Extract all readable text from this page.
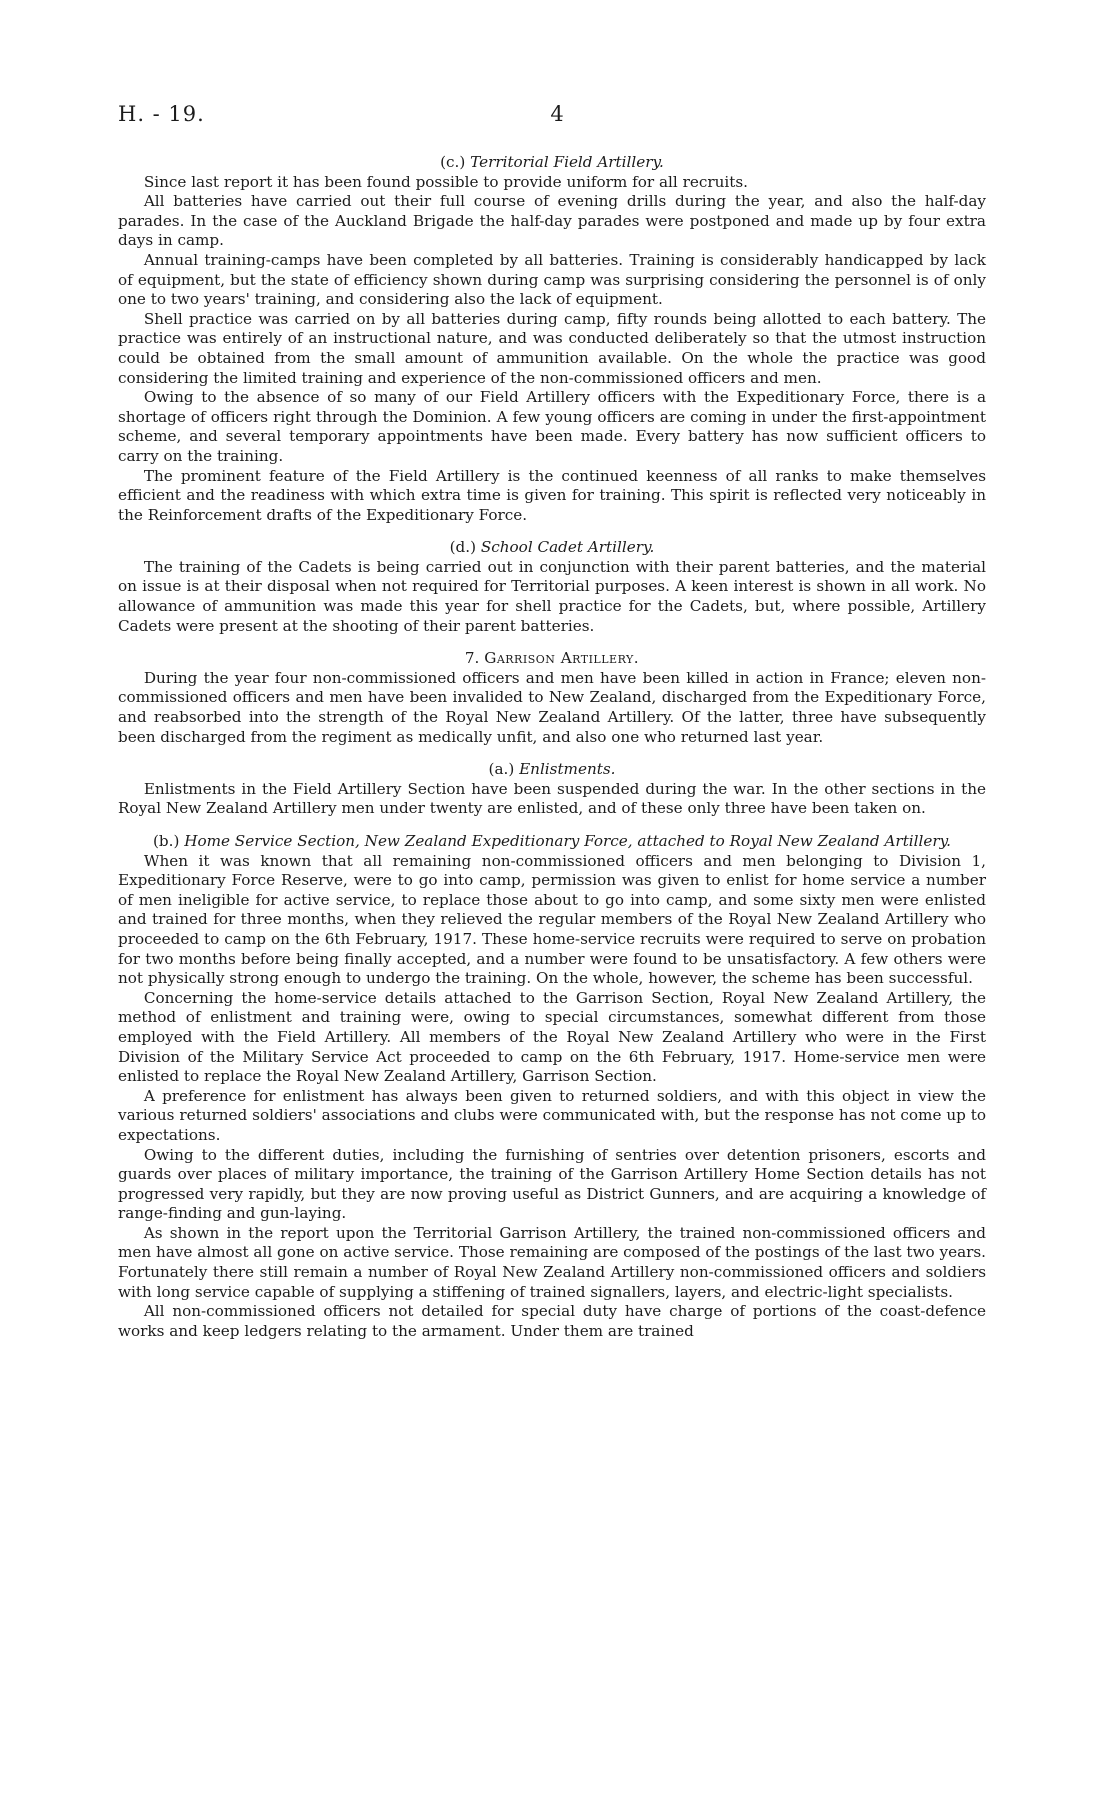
H. - 19.	4
(c.) Territorial Field Artillery.

Since last report it has been found possible to provide uniform for all recruits.

All batteries have carried out their full course of evening drills during the year, and also the half-day parades. In the case of the Auckland Brigade the half-day parades were postponed and made up by four extra days in camp.

Annual training-camps have been completed by all batteries. Training is considerably handicapped by lack of equipment, but the state of efficiency shown during camp was surprising considering the personnel is of only one to two years' training, and considering also the lack of equipment.

Shell practice was carried on by all batteries during camp, fifty rounds being allotted to each battery. The practice was entirely of an instructional nature, and was conducted deliberately so that the utmost instruction could be obtained from the small amount of ammunition available. On the whole the practice was good considering the limited training and experience of the non-commissioned officers and men.

Owing to the absence of so many of our Field Artillery officers with the Expeditionary Force, there is a shortage of officers right through the Dominion. A few young officers are coming in under the first-appointment scheme, and several temporary appointments have been made. Every battery has now sufficient officers to carry on the training.

The prominent feature of the Field Artillery is the continued keenness of all ranks to make themselves efficient and the readiness with which extra time is given for training. This spirit is reflected very noticeably in the Reinforcement drafts of the Expeditionary Force.

(d.) School Cadet Artillery.

The training of the Cadets is being carried out in conjunction with their parent batteries, and the material on issue is at their disposal when not required for Territorial purposes. A keen interest is shown in all work. No allowance of ammunition was made this year for shell practice for the Cadets, but, where possible, Artillery Cadets were present at the shooting of their parent batteries.

7. Garrison Artillery.

During the year four non-commissioned officers and men have been killed in action in France; eleven non-commissioned officers and men have been invalided to New Zealand, discharged from the Expeditionary Force, and reabsorbed into the strength of the Royal New Zealand Artillery. Of the latter, three have subsequently been discharged from the regiment as medically unfit, and also one who returned last year.

(a.) Enlistments.

Enlistments in the Field Artillery Section have been suspended during the war. In the other sections in the Royal New Zealand Artillery men under twenty are enlisted, and of these only three have been taken on.

(b.) Home Service Section, New Zealand Expeditionary Force, attached to Royal New Zealand Artillery.

When it was known that all remaining non-commissioned officers and men belonging to Division 1, Expeditionary Force Reserve, were to go into camp, permission was given to enlist for home service a number of men ineligible for active service, to replace those about to go into camp, and some sixty men were enlisted and trained for three months, when they relieved the regular members of the Royal New Zealand Artillery who proceeded to camp on the 6th February, 1917. These home-service recruits were required to serve on probation for two months before being finally accepted, and a number were found to be unsatisfactory. A few others were not physically strong enough to undergo the training. On the whole, however, the scheme has been successful.

Concerning the home-service details attached to the Garrison Section, Royal New Zealand Artillery, the method of enlistment and training were, owing to special circumstances, somewhat different from those employed with the Field Artillery. All members of the Royal New Zealand Artillery who were in the First Division of the Military Service Act proceeded to camp on the 6th February, 1917. Home-service men were enlisted to replace the Royal New Zealand Artillery, Garrison Section.

A preference for enlistment has always been given to returned soldiers, and with this object in view the various returned soldiers' associations and clubs were communicated with, but the response has not come up to expectations.

Owing to the different duties, including the furnishing of sentries over detention prisoners, escorts and guards over places of military importance, the training of the Garrison Artillery Home Section details has not progressed very rapidly, but they are now proving useful as District Gunners, and are acquiring a knowledge of range-finding and gun-laying.

As shown in the report upon the Territorial Garrison Artillery, the trained non-commissioned officers and men have almost all gone on active service. Those remaining are composed of the postings of the last two years. Fortunately there still remain a number of Royal New Zealand Artillery non-commissioned officers and soldiers with long service capable of supplying a stiffening of trained signallers, layers, and electric-light specialists.

All non-commissioned officers not detailed for special duty have charge of portions of the coast-defence works and keep ledgers relating to the armament. Under them are trained
